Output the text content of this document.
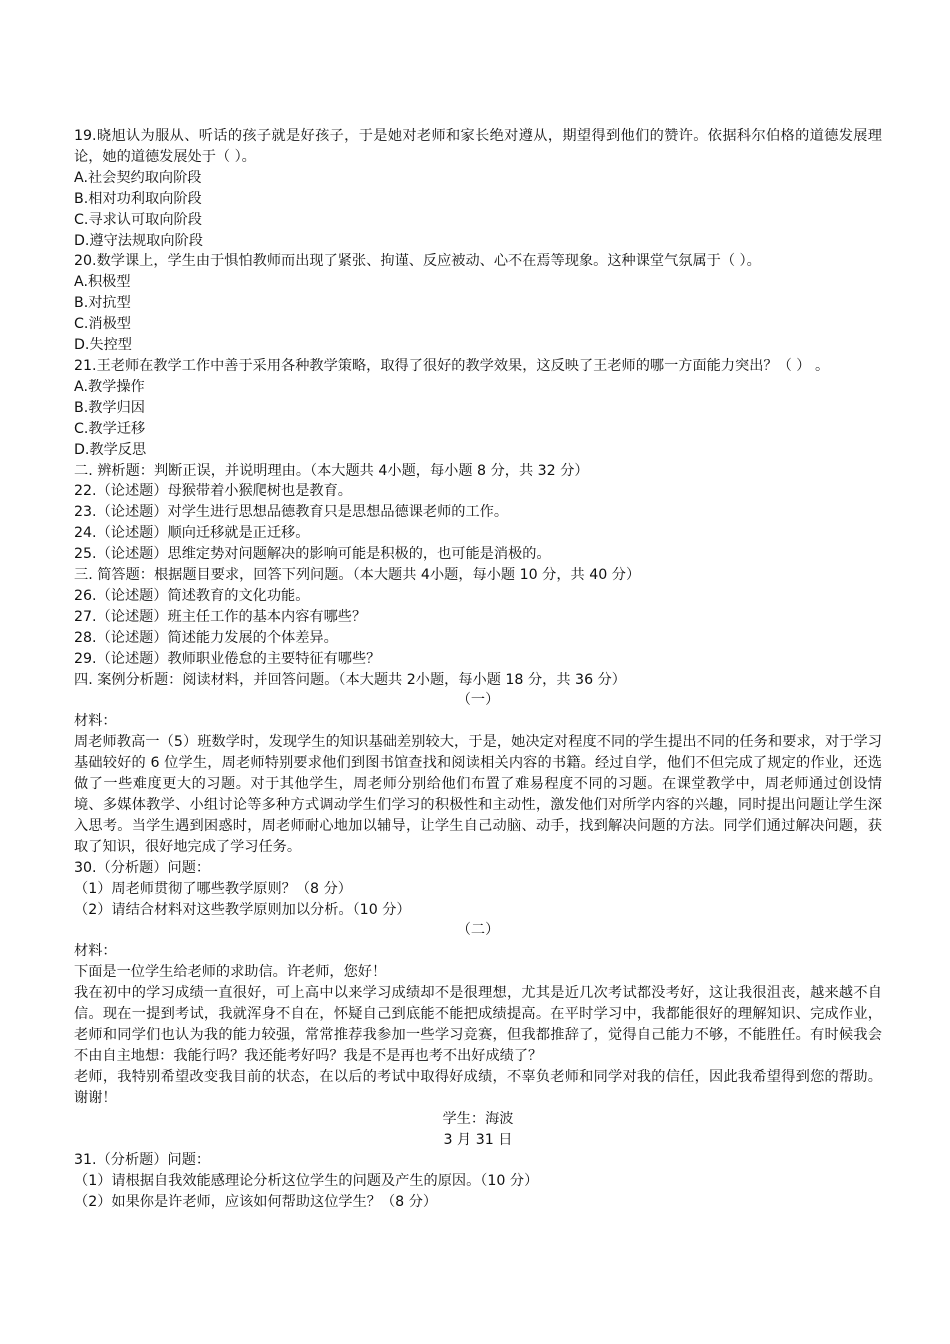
19.晓旭认为服从、听话的孩子就是好孩子，于是她对老师和家长绝对遵从，期望得到他们的赞许。依据科尔伯格的道德发展理论，她的道德发展处于（ ）。

A.社会契约取向阶段

B.相对功利取向阶段

C.寻求认可取向阶段

D.遵守法规取向阶段

20.数学课上，学生由于惧怕教师而出现了紧张、拘谨、反应被动、心不在焉等现象。这种课堂气氛属于（ ）。

A.积极型

B.对抗型

C.消极型

D.失控型

21.王老师在教学工作中善于采用各种教学策略，取得了很好的教学效果，这反映了王老师的哪一方面能力突出？（ ） 。

A.教学操作

B.教学归因

C.教学迁移

D.教学反思

二. 辨析题：判断正误，并说明理由。（本大题共 4小题，每小题 8 分，共 32 分）

22.（论述题）母猴带着小猴爬树也是教育。

23.（论述题）对学生进行思想品德教育只是思想品德课老师的工作。

24.（论述题）顺向迁移就是正迁移。

25.（论述题）思维定势对问题解决的影响可能是积极的，也可能是消极的。

三. 简答题：根据题目要求，回答下列问题。（本大题共 4小题，每小题 10 分，共 40 分）

26.（论述题）简述教育的文化功能。

27.（论述题）班主任工作的基本内容有哪些？

28.（论述题）简述能力发展的个体差异。

29.（论述题）教师职业倦怠的主要特征有哪些？

四. 案例分析题：阅读材料，并回答问题。（本大题共 2小题，每小题 18 分，共 36 分）

（一）

材料：

周老师教高一（5）班数学时，发现学生的知识基础差别较大，于是，她决定对程度不同的学生提出不同的任务和要求，对于学习基础较好的 6 位学生，周老师特别要求他们到图书馆查找和阅读相关内容的书籍。经过自学，他们不但完成了规定的作业，还选做了一些难度更大的习题。对于其他学生，周老师分别给他们布置了难易程度不同的习题。在课堂教学中，周老师通过创设情境、多媒体教学、小组讨论等多种方式调动学生们学习的积极性和主动性，激发他们对所学内容的兴趣，同时提出问题让学生深入思考。当学生遇到困惑时，周老师耐心地加以辅导，让学生自己动脑、动手，找到解决问题的方法。同学们通过解决问题，获取了知识，很好地完成了学习任务。

30.（分析题）问题：

（1）周老师贯彻了哪些教学原则？（8 分）

（2）请结合材料对这些教学原则加以分析。（10 分）

（二）

材料：

下面是一位学生给老师的求助信。许老师，您好！

我在初中的学习成绩一直很好，可上高中以来学习成绩却不是很理想，尤其是近几次考试都没考好，这让我很沮丧，越来越不自信。现在一提到考试，我就浑身不自在，怀疑自己到底能不能把成绩提高。在平时学习中，我都能很好的理解知识、完成作业，老师和同学们也认为我的能力较强，常常推荐我参加一些学习竞赛，但我都推辞了，觉得自己能力不够，不能胜任。有时候我会不由自主地想：我能行吗？我还能考好吗？我是不是再也考不出好成绩了？

老师，我特别希望改变我目前的状态，在以后的考试中取得好成绩，不辜负老师和同学对我的信任，因此我希望得到您的帮助。谢谢！

学生：海波

3 月 31 日

31.（分析题）问题：

（1）请根据自我效能感理论分析这位学生的问题及产生的原因。（10 分）

（2）如果你是许老师，应该如何帮助这位学生？（8 分）
